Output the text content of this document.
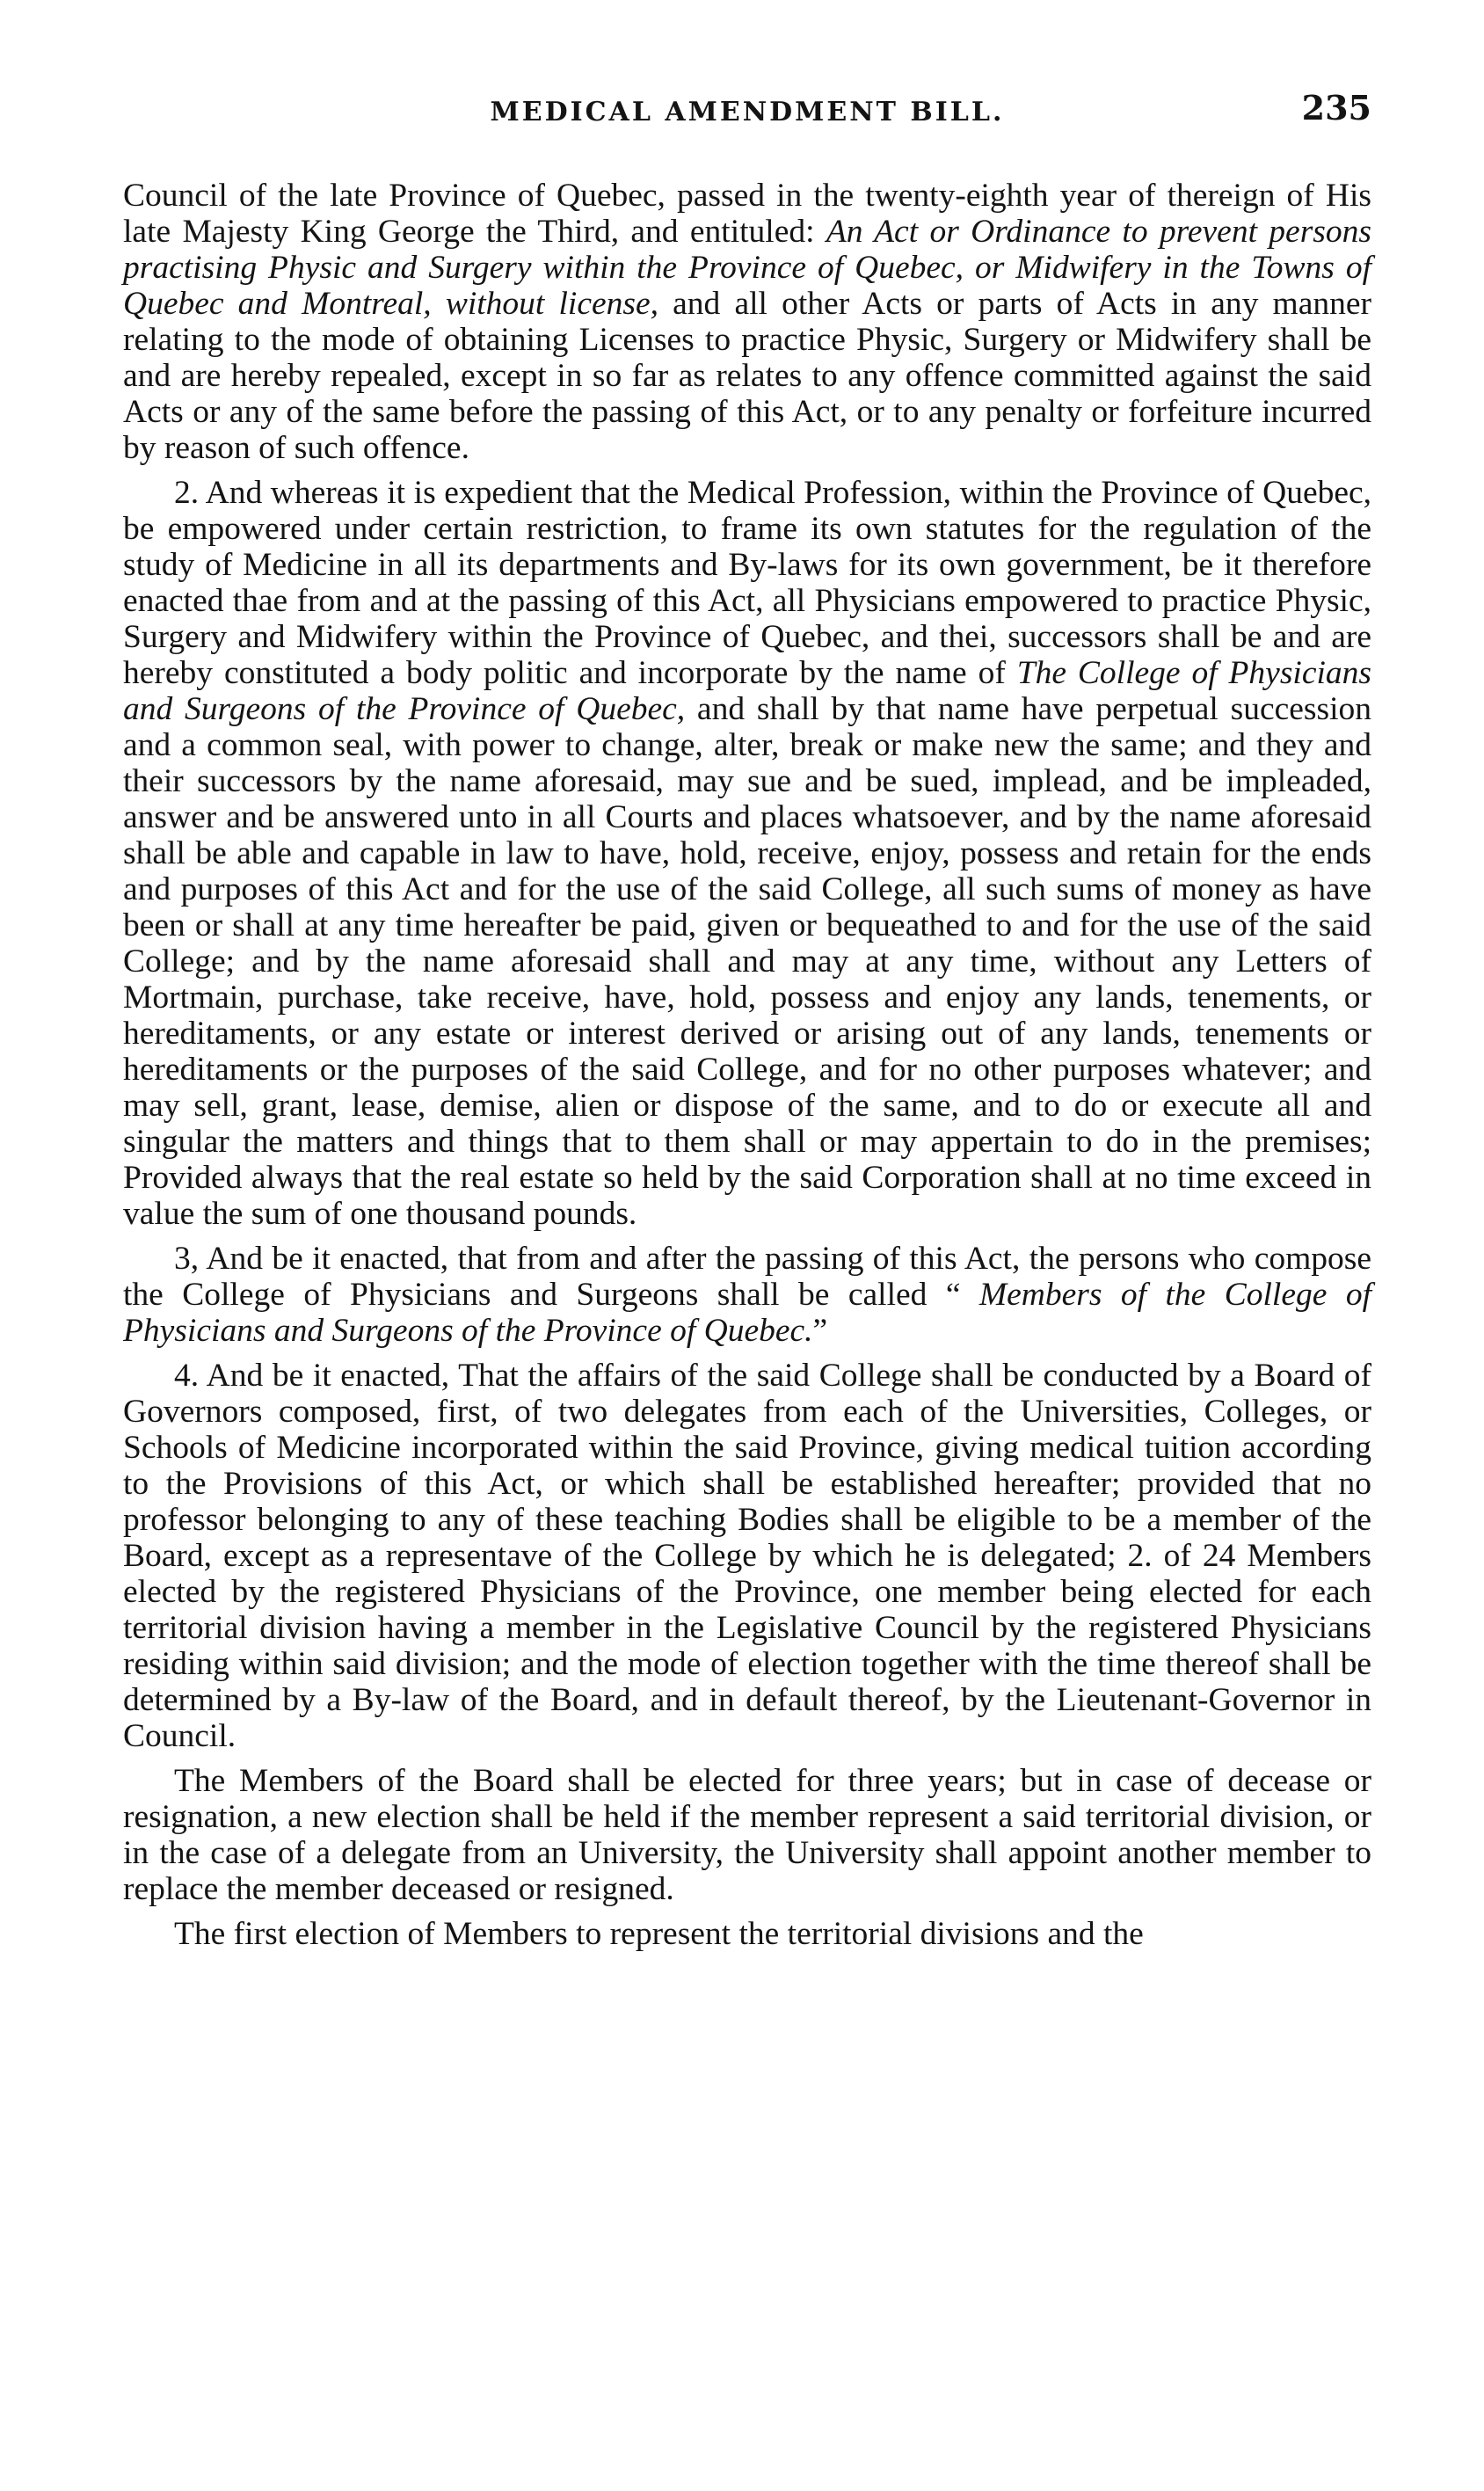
MEDICAL AMENDMENT BILL.	235

Council of the late Province of Quebec, passed in the twenty-eighth year of thereign of His late Majesty King George the Third, and entituled: An Act or Ordinance to prevent persons practising Physic and Surgery within the Province of Quebec, or Midwifery in the Towns of Quebec and Montreal, without license, and all other Acts or parts of Acts in any manner relating to the mode of obtaining Licenses to practice Physic, Surgery or Midwifery shall be and are hereby repealed, except in so far as relates to any offence committed against the said Acts or any of the same before the passing of this Act, or to any penalty or forfeiture incurred by reason of such offence.

2. And whereas it is expedient that the Medical Profession, within the Province of Quebec, be empowered under certain restriction, to frame its own statutes for the regulation of the study of Medicine in all its departments and By-laws for its own government, be it therefore enacted thae from and at the passing of this Act, all Physicians empowered to practice Physic, Surgery and Midwifery within the Province of Quebec, and thei, successors shall be and are hereby constituted a body politic and incorporate by the name of The College of Physicians and Surgeons of the Province of Quebec, and shall by that name have perpetual succession and a common seal, with power to change, alter, break or make new the same; and they and their successors by the name aforesaid, may sue and be sued, implead, and be impleaded, answer and be answered unto in all Courts and places whatsoever, and by the name aforesaid shall be able and capable in law to have, hold, receive, enjoy, possess and retain for the ends and purposes of this Act and for the use of the said College, all such sums of money as have been or shall at any time hereafter be paid, given or bequeathed to and for the use of the said College; and by the name aforesaid shall and may at any time, without any Letters of Mortmain, purchase, take receive, have, hold, possess and enjoy any lands, tenements, or hereditaments, or any estate or interest derived or arising out of any lands, tenements or hereditaments or the purposes of the said College, and for no other purposes whatever; and may sell, grant, lease, demise, alien or dispose of the same, and to do or execute all and singular the matters and things that to them shall or may appertain to do in the premises; Provided always that the real estate so held by the said Corporation shall at no time exceed in value the sum of one thousand pounds.

3, And be it enacted, that from and after the passing of this Act, the persons who compose the College of Physicians and Surgeons shall be called “ Members of the College of Physicians and Surgeons of the Province of Quebec.”

4. And be it enacted, That the affairs of the said College shall be conducted by a Board of Governors composed, first, of two delegates from each of the Universities, Colleges, or Schools of Medicine incorporated within the said Province, giving medical tuition according to the Provisions of this Act, or which shall be established hereafter; provided that no professor belonging to any of these teaching Bodies shall be eligible to be a member of the Board, except as a representave of the College by which he is delegated; 2. of 24 Members elected by the registered Physicians of the Province, one member being elected for each territorial division having a member in the Legislative Council by the registered Physicians residing within said division; and the mode of election together with the time thereof shall be determined by a By-law of the Board, and in default thereof, by the Lieutenant-Governor in Council.

The Members of the Board shall be elected for three years; but in case of decease or resignation, a new election shall be held if the member represent a said territorial division, or in the case of a delegate from an University, the University shall appoint another member to replace the member deceased or resigned.

The first election of Members to represent the territorial divisions and the
